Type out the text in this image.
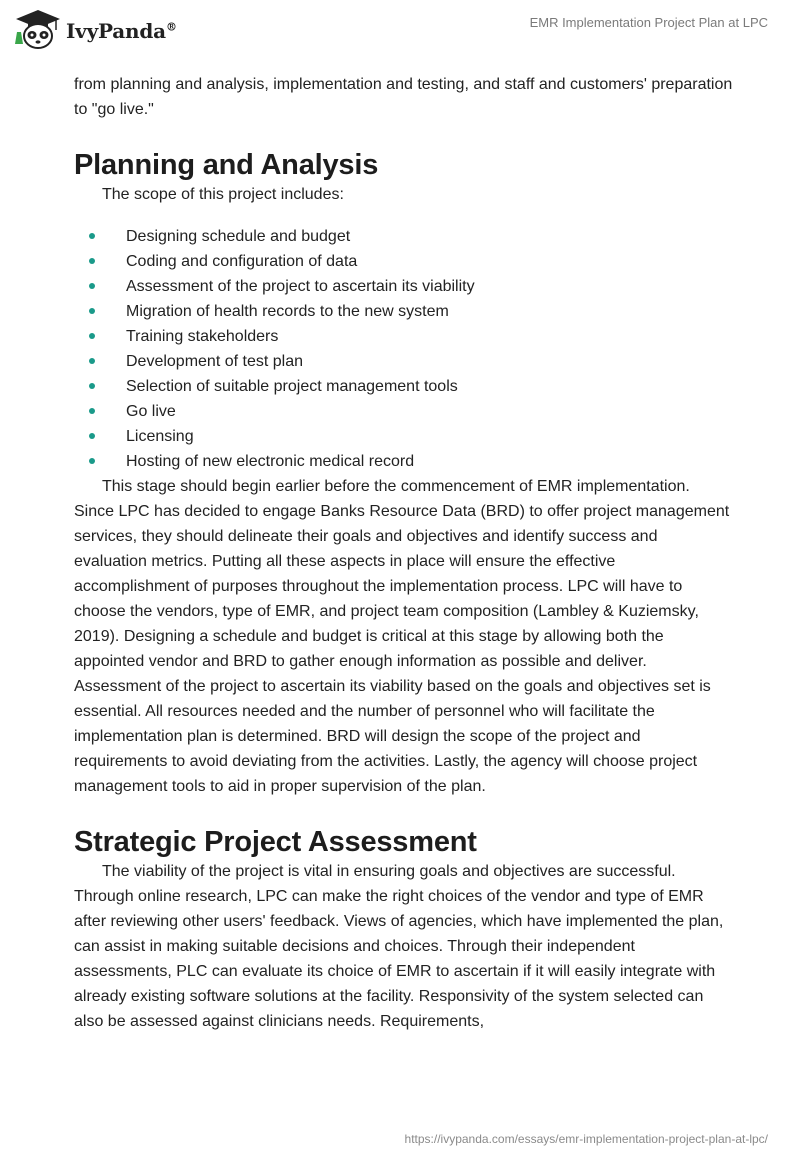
IvyPanda®	EMR Implementation Project Plan at LPC

from planning and analysis, implementation and testing, and staff and customers' preparation to "go live."

Planning and Analysis

The scope of this project includes:

Designing schedule and budget
Coding and configuration of data
Assessment of the project to ascertain its viability
Migration of health records to the new system
Training stakeholders
Development of test plan
Selection of suitable project management tools
Go live
Licensing
Hosting of new electronic medical record

This stage should begin earlier before the commencement of EMR implementation. Since LPC has decided to engage Banks Resource Data (BRD) to offer project management services, they should delineate their goals and objectives and identify success and evaluation metrics. Putting all these aspects in place will ensure the effective accomplishment of purposes throughout the implementation process. LPC will have to choose the vendors, type of EMR, and project team composition (Lambley & Kuziemsky, 2019). Designing a schedule and budget is critical at this stage by allowing both the appointed vendor and BRD to gather enough information as possible and deliver. Assessment of the project to ascertain its viability based on the goals and objectives set is essential. All resources needed and the number of personnel who will facilitate the implementation plan is determined. BRD will design the scope of the project and requirements to avoid deviating from the activities. Lastly, the agency will choose project management tools to aid in proper supervision of the plan.

Strategic Project Assessment

The viability of the project is vital in ensuring goals and objectives are successful. Through online research, LPC can make the right choices of the vendor and type of EMR after reviewing other users' feedback. Views of agencies, which have implemented the plan, can assist in making suitable decisions and choices. Through their independent assessments, PLC can evaluate its choice of EMR to ascertain if it will easily integrate with already existing software solutions at the facility. Responsivity of the system selected can also be assessed against clinicians needs. Requirements,

https://ivypanda.com/essays/emr-implementation-project-plan-at-lpc/
